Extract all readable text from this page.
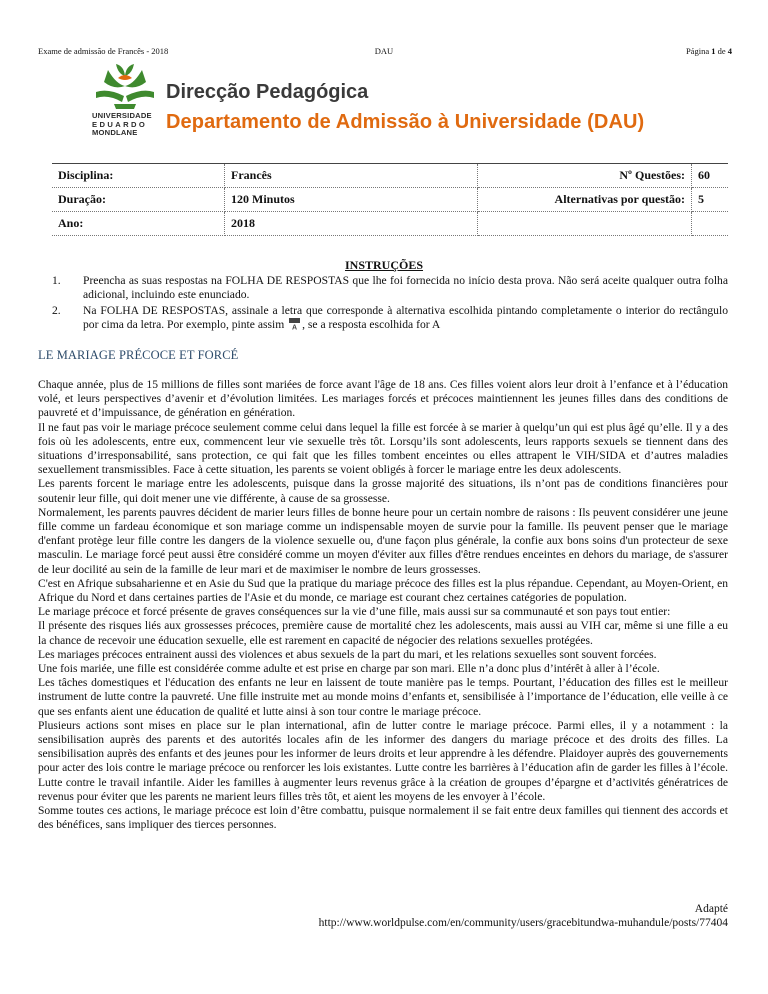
Exame de admissão de Francês - 2018	DAU	Página 1 de 4
UNIVERSIDADE
EDUARDO
MONDLANE
Direcção Pedagógica
Departamento de Admissão à Universidade (DAU)
Disciplina:	Francês	Nº Questões:	60
Duração:	120 Minutos	Alternativas por questão:	5
Ano:	2018		
INSTRUÇÕES
1. Preencha as suas respostas na FOLHA DE RESPOSTAS que lhe foi fornecida no início desta prova. Não será aceite qualquer outra folha adicional, incluindo este enunciado.
2. Na FOLHA DE RESPOSTAS, assinale a letra que corresponde à alternativa escolhida pintando completamente o interior do rectângulo por cima da letra. Por exemplo, pinte assim A , se a resposta escolhida for A
LE MARIAGE PRÉCOCE ET FORCÉ

Chaque année, plus de 15 millions de filles sont mariées de force avant l'âge de 18 ans. Ces filles voient alors leur droit à l’enfance et à l’éducation volé, et leurs perspectives d’avenir et d’évolution limitées. Les mariages forcés et précoces maintiennent les jeunes filles dans des conditions de pauvreté et d’impuissance, de génération en génération.

Il ne faut pas voir le mariage précoce seulement comme celui dans lequel la fille est forcée à se marier à quelqu’un qui est plus âgé qu’elle. Il y a des fois où les adolescents, entre eux, commencent leur vie sexuelle très tôt. Lorsqu’ils sont adolescents, leurs rapports sexuels se tiennent dans des situations d’irresponsabilité, sans protection, ce qui fait que les filles tombent enceintes ou elles attrapent le VIH/SIDA et d’autres maladies sexuellement transmissibles. Face à cette situation, les parents se voient obligés à forcer le mariage entre les deux adolescents.

Les parents forcent le mariage entre les adolescents, puisque dans la grosse majorité des situations, ils n’ont pas de conditions financières pour soutenir leur fille, qui doit mener une vie différente, à cause de sa grossesse.

Normalement, les parents pauvres décident de marier leurs filles de bonne heure pour un certain nombre de raisons : Ils peuvent considérer une jeune fille comme un fardeau économique et son mariage comme un indispensable moyen de survie pour la famille. Ils peuvent penser que le mariage d'enfant protège leur fille contre les dangers de la violence sexuelle ou, d'une façon plus générale, la confie aux bons soins d'un protecteur de sexe masculin. Le mariage forcé peut aussi être considéré comme un moyen d'éviter aux filles d'être rendues enceintes en dehors du mariage, de s'assurer de leur docilité au sein de la famille de leur mari et de maximiser le nombre de leurs grossesses.

C'est en Afrique subsaharienne et en Asie du Sud que la pratique du mariage précoce des filles est la plus répandue. Cependant, au Moyen-Orient, en Afrique du Nord et dans certaines parties de l'Asie et du monde, ce mariage est courant chez certaines catégories de population.

Le mariage précoce et forcé présente de graves conséquences sur la vie d’une fille, mais aussi sur sa communauté et son pays tout entier:

Il présente des risques liés aux grossesses précoces, première cause de mortalité chez les adolescents, mais aussi au VIH car, même si une fille a eu la chance de recevoir une éducation sexuelle, elle est rarement en capacité de négocier des relations sexuelles protégées.

Les mariages précoces entrainent aussi des violences et abus sexuels de la part du mari, et les relations sexuelles sont souvent forcées.

Une fois mariée, une fille est considérée comme adulte et est prise en charge par son mari. Elle n’a donc plus d’intérêt à aller à l’école.

Les tâches domestiques et l'éducation des enfants ne leur en laissent de toute manière pas le temps. Pourtant, l’éducation des filles est le meilleur instrument de lutte contre la pauvreté. Une fille instruite met au monde moins d’enfants et, sensibilisée à l’importance de l’éducation, elle veille à ce que ses enfants aient une éducation de qualité et lutte ainsi à son tour contre le mariage précoce.

Plusieurs actions sont mises en place sur le plan international, afin de lutter contre le mariage précoce. Parmi elles, il y a notamment : la sensibilisation auprès des parents et des autorités locales afin de les informer des dangers du mariage précoce et des droits des filles. La sensibilisation auprès des enfants et des jeunes pour les informer de leurs droits et leur apprendre à les défendre. Plaidoyer auprès des gouvernements pour acter des lois contre le mariage précoce ou renforcer les lois existantes. Lutte contre les barrières à l’éducation afin de garder les filles à l’école. Lutte contre le travail infantile. Aider les familles à augmenter leurs revenus grâce à la création de groupes d’épargne et d’activités génératrices de revenus pour éviter que les parents ne marient leurs filles très tôt, et aient les moyens de les envoyer à l’école.

Somme toutes ces actions, le mariage précoce est loin d’être combattu, puisque normalement il se fait entre deux familles qui tiennent des accords et des bénéfices, sans impliquer des tierces personnes.

Adapté
http://www.worldpulse.com/en/community/users/gracebitundwa-muhandule/posts/77404
